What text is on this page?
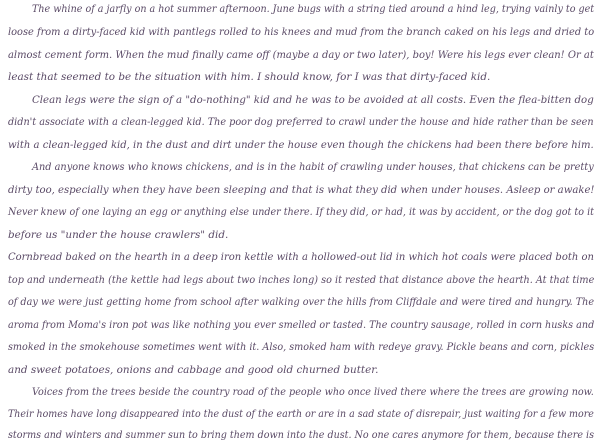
The whine of a jarfly on a hot summer afternoon. June bugs with a string tied around a hind leg, trying vainly to get
loose from a dirty-faced kid with pantlegs rolled to his knees and mud from the branch caked on his legs and dried to
almost cement form. When the mud finally came off (maybe a day or two later), boy! Were his legs ever clean! Or at
least that seemed to be the situation with him. I should know, for I was that dirty-faced kid.
Clean legs were the sign of a "do-nothing" kid and he was to be avoided at all costs. Even the flea-bitten dog
didn't associate with a clean-legged kid. The poor dog preferred to crawl under the house and hide rather than be seen
with a clean-legged kid, in the dust and dirt under the house even though the chickens had been there before him.
And anyone knows who knows chickens, and is in the habit of crawling under houses, that chickens can be pretty
dirty too, especially when they have been sleeping and that is what they did when under houses. Asleep or awake!
Never knew of one laying an egg or anything else under there. If they did, or had, it was by accident, or the dog got to it
before us "under the house crawlers" did.
Cornbread baked on the hearth in a deep iron kettle with a hollowed-out lid in which hot coals were placed both on
top and underneath (the kettle had legs about two inches long) so it rested that distance above the hearth. At that time
of day we were just getting home from school after walking over the hills from Cliffdale and were tired and hungry. The
aroma from Moma's iron pot was like nothing you ever smelled or tasted. The country sausage, rolled in corn husks and
smoked in the smokehouse sometimes went with it. Also, smoked ham with redeye gravy. Pickle beans and corn, pickles
and sweet potatoes, onions and cabbage and good old churned butter.
Voices from the trees beside the country road of the people who once lived there where the trees are growing now.
Their homes have long disappeared into the dust of the earth or are in a sad state of disrepair, just waiting for a few more
storms and winters and summer sun to bring them down into the dust. No one cares anymore for them, because there is
